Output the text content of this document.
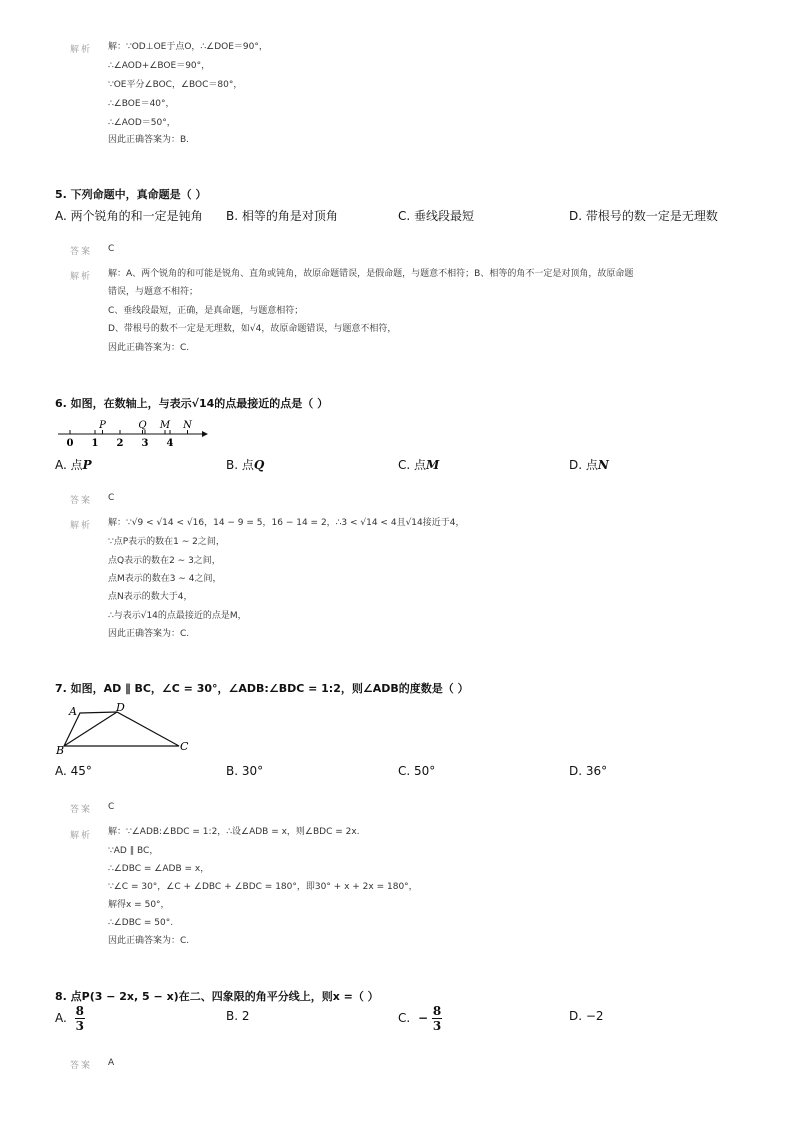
解析 解：∵OD⊥OE于点O，∴∠DOE＝90°，
∴∠AOD+∠BOE＝90°，
∵OE平分∠BOC，∠BOC＝80°，
∴∠BOE＝40°，
∴∠AOD＝50°，
因此正确答案为：B.
5. 下列命题中，真命题是（ ）
A. 两个锐角的和一定是钝角 B. 相等的角是对顶角	C. 垂线段最短	D. 带根号的数一定是无理数
答案 C
解析 解：A、两个锐角的和可能是锐角、直角或钝角，故原命题错误，是假命题，与题意不相符；B、相等的角不一定是对顶角，故原命题
错误，与题意不相符；
C、垂线段最短，正确，是真命题，与题意相符；
D、带根号的数不一定是无理数，如√4，故原命题错误，与题意不相符，
因此正确答案为：C.
6. 如图，在数轴上，与表示√14的点最接近的点是（ ）
0 1 2 3 4
P	Q M N
A. 点P	B. 点Q	C. 点M	D. 点N
答案 C
解析 解：∵√9 < √14 < √16，14 − 9 = 5，16 − 14 = 2，∴3 < √14 < 4且√14接近于4，
∵点P表示的数在1 ∼ 2之间，
点Q表示的数在2 ∼ 3之间，
点M表示的数在3 ∼ 4之间，
点N表示的数大于4，
∴与表示√14的点最接近的点是M，
因此正确答案为：C.
7. 如图，AD ∥ BC，∠C = 30°，∠ADB:∠BDC = 1:2，则∠ADB的度数是（ ）
A	D
B	C
A. 45°	B. 30°	C. 50°	D. 36°
答案 C
解析 解：∵∠ADB:∠BDC = 1:2，∴设∠ADB = x，则∠BDC = 2x.
∵AD ∥ BC，
∴∠DBC = ∠ADB = x，
∵∠C = 30°，∠C + ∠DBC + ∠BDC = 180°，即30° + x + 2x = 180°，
解得x = 50°，
∴∠DBC = 50°.
因此正确答案为：C.
8. 点P(3 − 2x, 5 − x)在二、四象限的角平分线上，则x =（ ）
A. $\frac{8}{3}$	B. 2	C. − $\frac{8}{3}$	D. −2
答案 A
